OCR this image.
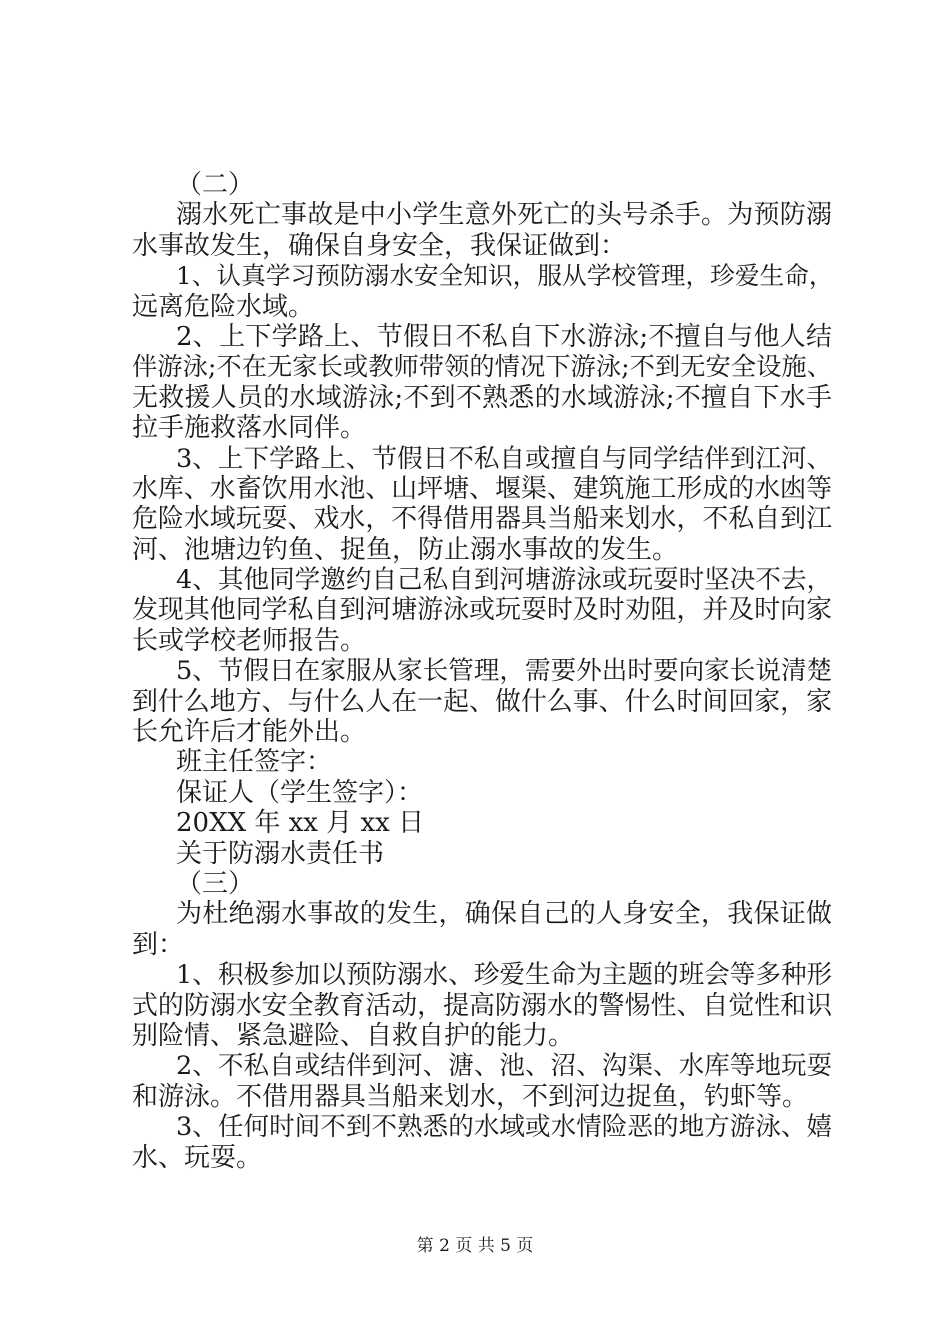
（二）
溺水死亡事故是中小学生意外死亡的头号杀手。为预防溺
水事故发生，确保自身安全，我保证做到：
1、认真学习预防溺水安全知识，服从学校管理，珍爱生命，
远离危险水域。
2、上下学路上、节假日不私自下水游泳;不擅自与他人结
伴游泳;不在无家长或教师带领的情况下游泳;不到无安全设施、
无救援人员的水域游泳;不到不熟悉的水域游泳;不擅自下水手
拉手施救落水同伴。
3、上下学路上、节假日不私自或擅自与同学结伴到江河、
水库、水畜饮用水池、山坪塘、堰渠、建筑施工形成的水凼等
危险水域玩耍、戏水，不得借用器具当船来划水，不私自到江
河、池塘边钓鱼、捉鱼，防止溺水事故的发生。
4、其他同学邀约自己私自到河塘游泳或玩耍时坚决不去，
发现其他同学私自到河塘游泳或玩耍时及时劝阻，并及时向家
长或学校老师报告。
5、节假日在家服从家长管理，需要外出时要向家长说清楚
到什么地方、与什么人在一起、做什么事、什么时间回家，家
长允许后才能外出。
班主任签字：
保证人（学生签字）：
20XX 年 xx 月 xx 日
关于防溺水责任书
（三）
为杜绝溺水事故的发生，确保自己的人身安全，我保证做
到：
1、积极参加以预防溺水、珍爱生命为主题的班会等多种形
式的防溺水安全教育活动，提高防溺水的警惕性、自觉性和识
别险情、紧急避险、自救自护的能力。
2、不私自或结伴到河、溏、池、沼、沟渠、水库等地玩耍
和游泳。不借用器具当船来划水，不到河边捉鱼，钓虾等。
3、任何时间不到不熟悉的水域或水情险恶的地方游泳、嬉
水、玩耍。
第 2 页 共 5 页
